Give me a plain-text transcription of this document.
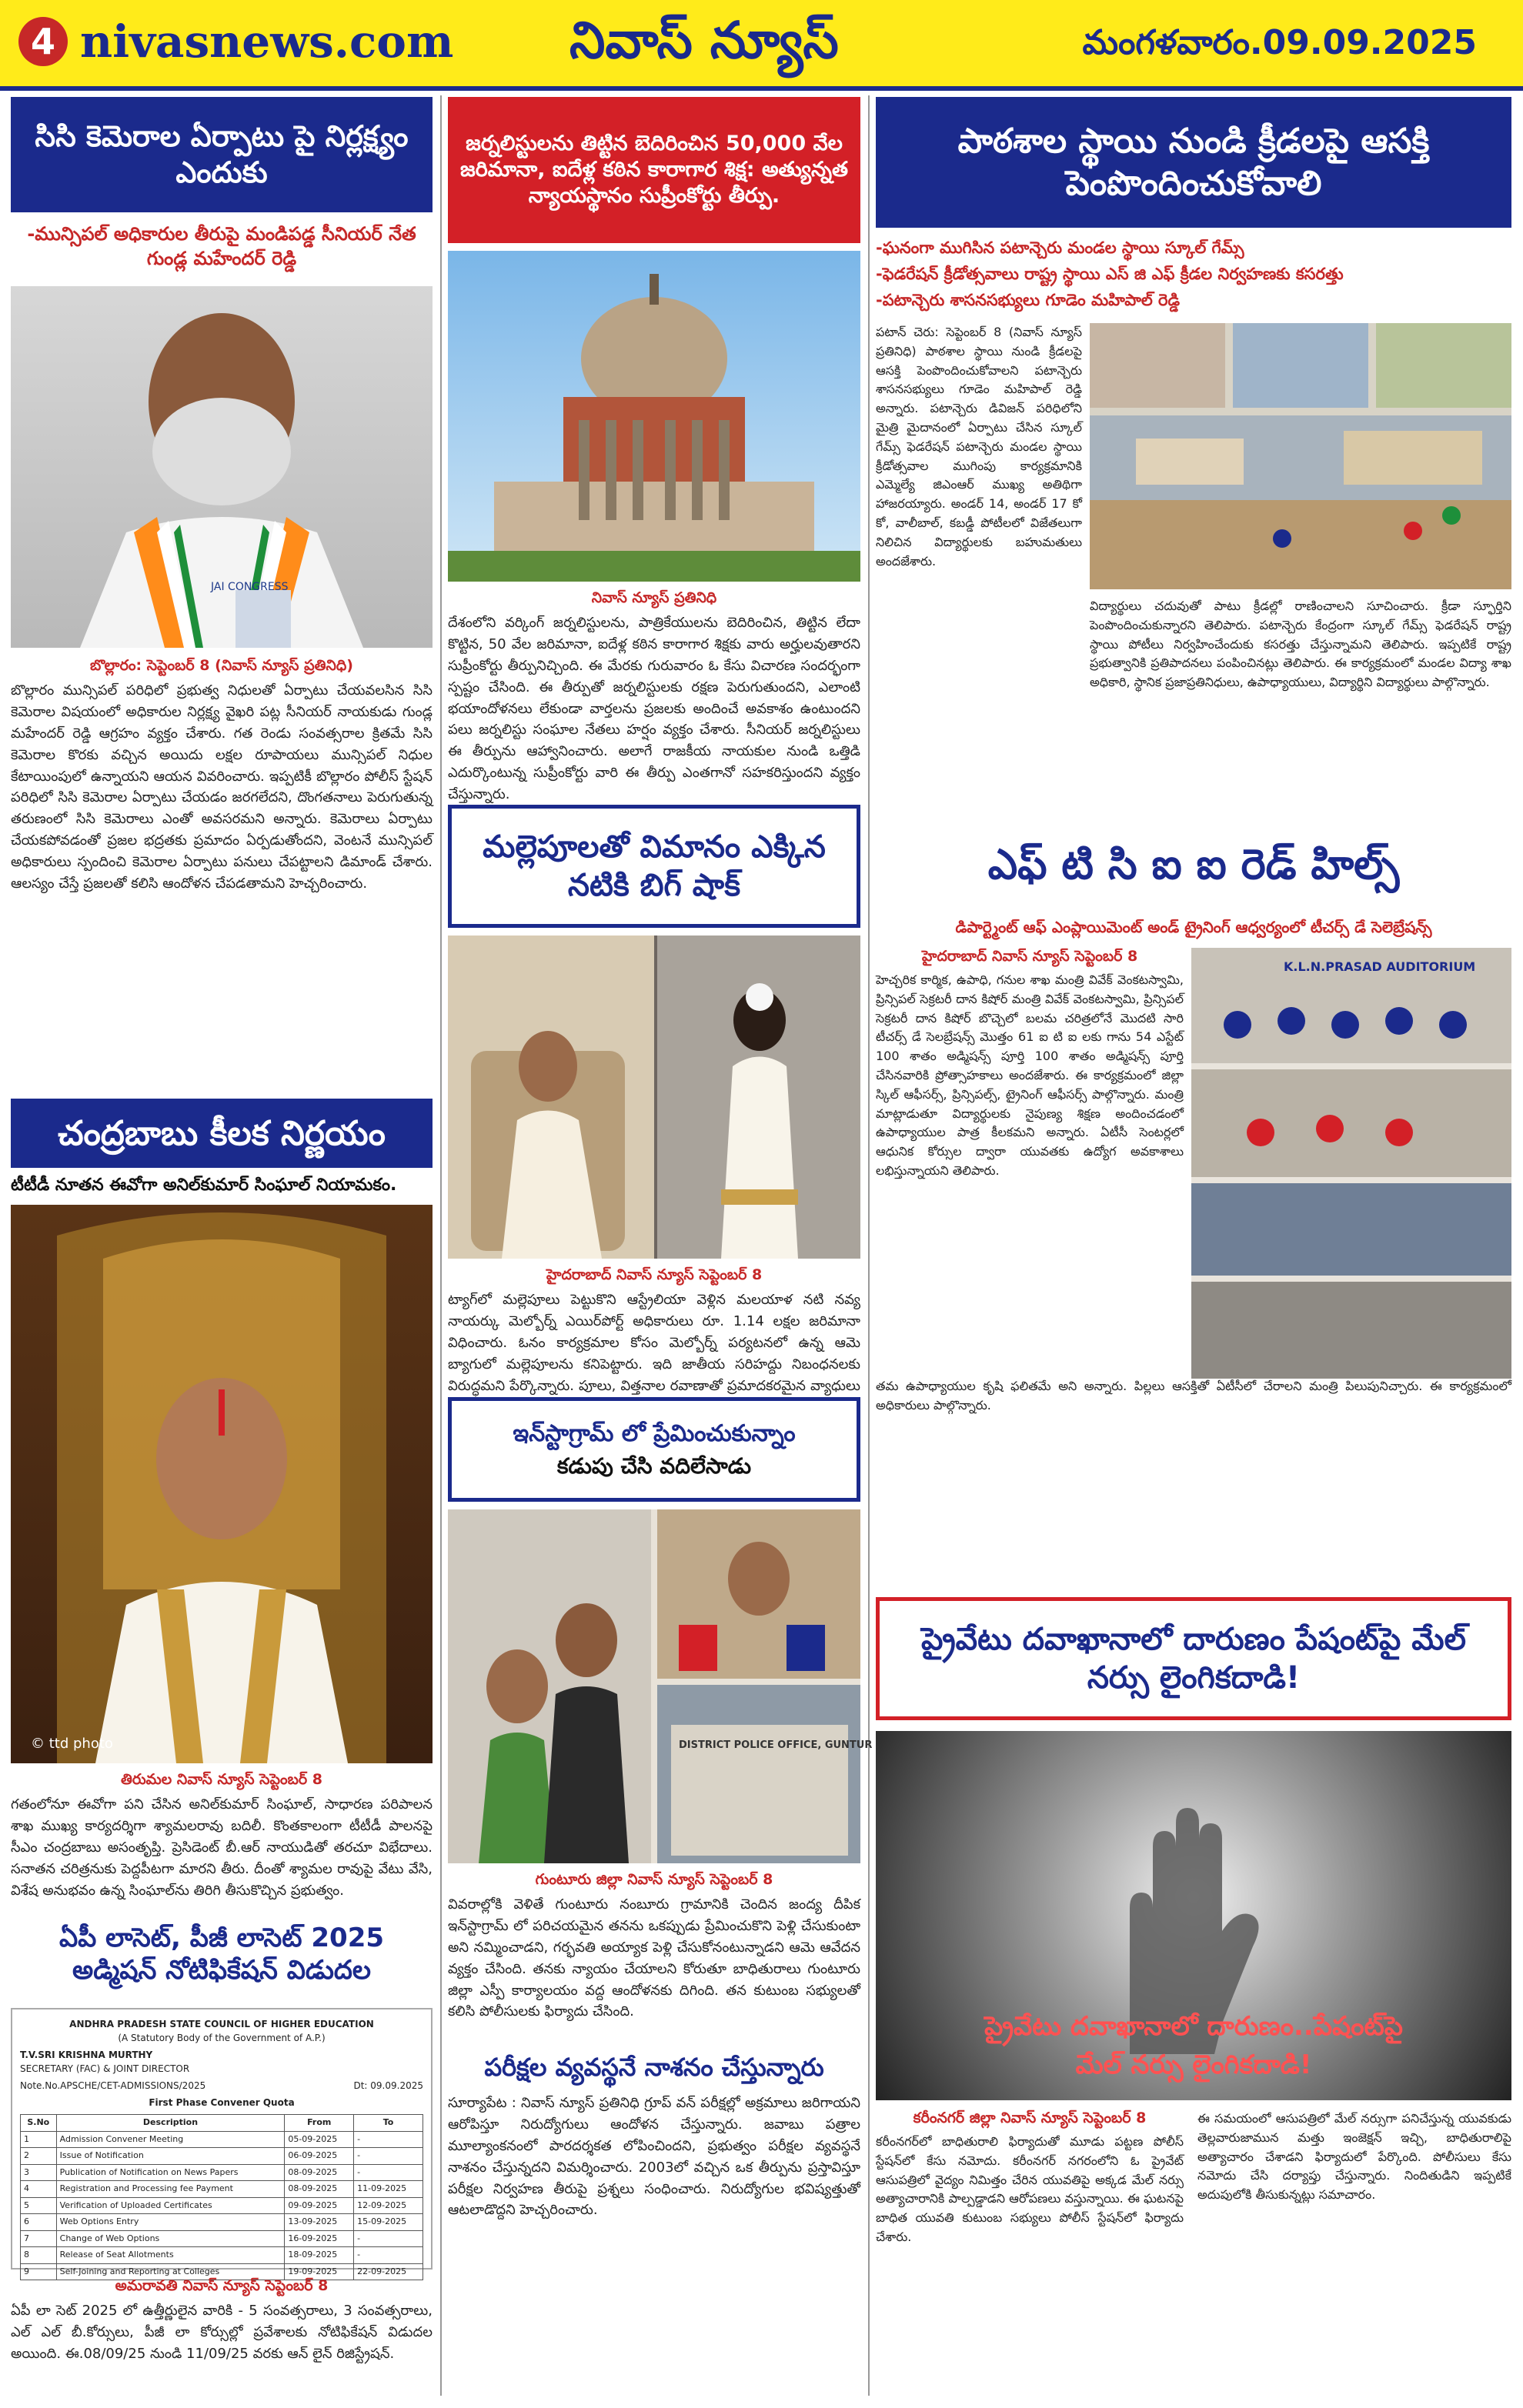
4 nivasnews.com నివాస్ న్యూస్	మంగళవారం.09.09.2025
సిసి కెమెరాల ఏర్పాటు పై నిర్లక్ష్యం ఎందుకు
-మున్సిపల్ అధికారుల తీరుపై మండిపడ్డ సీనియర్ నేత గుండ్ల మహేందర్ రెడ్డి
JAI CONGRESS
బొల్లారం: సెప్టెంబర్ 8 (నివాస్ న్యూస్ ప్రతినిధి)
బొల్లారం మున్సిపల్ పరిధిలో ప్రభుత్వ నిధులతో ఏర్పాటు చేయవలసిన సిసి కెమెరాల విషయంలో అధికారుల నిర్లక్ష్య వైఖరి పట్ల సీనియర్ నాయకుడు గుండ్ల మహేందర్ రెడ్డి ఆగ్రహం వ్యక్తం చేశారు. గత రెండు సంవత్సరాల క్రితమే సిసి కెమెరాల కొరకు వచ్చిన అయిదు లక్షల రూపాయలు మున్సిపల్ నిధుల కేటాయింపులో ఉన్నాయని ఆయన వివరించారు. ఇప్పటికీ బొల్లారం పోలీస్ స్టేషన్ పరిధిలో సిసి కెమెరాల ఏర్పాటు చేయడం జరగలేదని, దొంగతనాలు పెరుగుతున్న తరుణంలో సిసి కెమెరాలు ఎంతో అవసరమని అన్నారు. కెమెరాలు ఏర్పాటు చేయకపోవడంతో ప్రజల భద్రతకు ప్రమాదం ఏర్పడుతోందని, వెంటనే మున్సిపల్ అధికారులు స్పందించి కెమెరాల ఏర్పాటు పనులు చేపట్టాలని డిమాండ్ చేశారు. ఆలస్యం చేస్తే ప్రజలతో కలిసి ఆందోళన చేపడతామని హెచ్చరించారు.
చంద్రబాబు కీలక నిర్ణయం
టీటీడీ నూతన ఈవోగా అనిల్‌కుమార్ సింఘాల్ నియామకం.
© ttd photo
తిరుమల నివాస్ న్యూస్ సెప్టెంబర్ 8
గతంలోనూ ఈవోగా పని చేసిన అనిల్‌కుమార్ సింఘాల్, సాధారణ పరిపాలన శాఖ ముఖ్య కార్యదర్శిగా శ్యామలరావు బదిలీ. కొంతకాలంగా టీటీడీ పాలనపై సీఎం చంద్రబాబు అసంతృప్తి. ప్రెసిడెంట్ బీ.ఆర్ నాయుడితో తరచూ విభేదాలు. సనాతన చరిత్రనుకు పెద్దపీటగా మారని తీరు. దీంతో శ్యామల రావుపై వేటు వేసి, విశేష అనుభవం ఉన్న సింఘాల్‌ను తిరిగి తీసుకొచ్చిన ప్రభుత్వం.
ఏపీ లాసెట్, పీజీ లాసెట్ 2025 అడ్మిషన్ నోటిఫికేషన్ విడుదల
ANDHRA PRADESH STATE COUNCIL OF HIGHER EDUCATION
(A Statutory Body of the Government of A.P.)
T.V.SRI KRISHNA MURTHY
SECRETARY (FAC) & JOINT DIRECTOR
Note.No.APSCHE/CET-ADMISSIONS/2025	Dt: 09.09.2025
First Phase Convener Quota
S.No	Description	From	To
1	Admission Convener Meeting	05-09-2025	-
2	Issue of Notification	06-09-2025	-
3	Publication of Notification on News Papers	08-09-2025	-
4	Registration and Processing fee Payment	08-09-2025	11-09-2025
5	Verification of Uploaded Certificates	09-09-2025	12-09-2025
6	Web Options Entry	13-09-2025	15-09-2025
7	Change of Web Options	16-09-2025	-
8	Release of Seat Allotments	18-09-2025	-
9	Self-Joining and Reporting at Colleges	19-09-2025	22-09-2025
అమరావతి నివాస్ న్యూస్ సెప్టెంబర్ 8
ఏపీ లా సెట్ 2025 లో ఉత్తీర్ణులైన వారికి - 5 సంవత్సరాలు, 3 సంవత్సరాలు, ఎల్ ఎల్ బీ.కోర్సులు, పీజీ లా కోర్సుల్లో ప్రవేశాలకు నోటిఫికేషన్ విడుదల అయింది. ఈ.08/09/25 నుండి 11/09/25 వరకు ఆన్ లైన్ రిజిస్ట్రేషన్.
జర్నలిస్టులను తిట్టిన బెదిరించిన 50,000 వేల జరిమానా, ఐదేళ్ల కఠిన కారాగార శిక్ష: అత్యున్నత న్యాయస్థానం సుప్రీంకోర్టు తీర్పు.
నివాస్ న్యూస్ ప్రతినిధి
దేశంలోని వర్కింగ్ జర్నలిస్టులను, పాత్రికేయులను బెదిరించిన, తిట్టిన లేదా కొట్టిన, 50 వేల జరిమానా, ఐదేళ్ల కఠిన కారాగార శిక్షకు వారు అర్హులవుతారని సుప్రీంకోర్టు తీర్పునిచ్చింది. ఈ మేరకు గురువారం ఓ కేసు విచారణ సందర్భంగా స్పష్టం చేసింది. ఈ తీర్పుతో జర్నలిస్టులకు రక్షణ పెరుగుతుందని, ఎలాంటి భయాందోళనలు లేకుండా వార్తలను ప్రజలకు అందించే అవకాశం ఉంటుందని పలు జర్నలిస్టు సంఘాల నేతలు హర్షం వ్యక్తం చేశారు. సీనియర్ జర్నలిస్టులు ఈ తీర్పును ఆహ్వానించారు. అలాగే రాజకీయ నాయకుల నుండి ఒత్తిడి ఎదుర్కొంటున్న సుప్రీంకోర్టు వారి ఈ తీర్పు ఎంతగానో సహకరిస్తుందని వ్యక్తం చేస్తున్నారు.
మల్లెపూలతో విమానం ఎక్కిన నటికి బిగ్ షాక్
హైదరాబాద్ నివాస్ న్యూస్ సెప్టెంబర్ 8
ట్యాగ్‌లో మల్లెపూలు పెట్టుకొని ఆస్ట్రేలియా వెళ్లిన మలయాళ నటి నవ్య నాయర్కు మెల్బోర్న్ ఎయిర్‌పోర్ట్ అధికారులు రూ. 1.14 లక్షల జరిమానా విధించారు. ఓనం కార్యక్రమాల కోసం మెల్బోర్న్ పర్యటనలో ఉన్న ఆమె బ్యాగులో మల్లెపూలను కనిపెట్టారు. ఇది జాతీయ సరిహద్దు నిబంధనలకు విరుద్ధమని పేర్కొన్నారు. పూలు, విత్తనాల రవాణాతో ప్రమాదకరమైన వ్యాధులు
ఇన్‌స్టాగ్రామ్ లో ప్రేమించుకున్నాం
కడుపు చేసి వదిలేసాడు
DISTRICT POLICE OFFICE, GUNTUR
గుంటూరు జిల్లా నివాస్ న్యూస్ సెప్టెంబర్ 8
వివరాల్లోకి వెళితే గుంటూరు నంబూరు గ్రామానికి చెందిన జంద్య దీపిక ఇన్‌స్టాగ్రామ్ లో పరిచయమైన తనను ఒకప్పుడు ప్రేమించుకొని పెళ్లి చేసుకుంటా అని నమ్మించాడని, గర్భవతి అయ్యాక పెళ్లి చేసుకోనంటున్నాడని ఆమె ఆవేదన వ్యక్తం చేసింది. తనకు న్యాయం చేయాలని కోరుతూ బాధితురాలు గుంటూరు జిల్లా ఎస్పీ కార్యాలయం వద్ద ఆందోళనకు దిగింది. తన కుటుంబ సభ్యులతో కలిసి పోలీసులకు ఫిర్యాదు చేసింది.
పరీక్షల వ్యవస్థనే నాశనం చేస్తున్నారు
సూర్యాపేట : నివాస్ న్యూస్ ప్రతినిధి గ్రూప్ వన్ పరీక్షల్లో అక్రమాలు జరిగాయని ఆరోపిస్తూ నిరుద్యోగులు ఆందోళన చేస్తున్నారు. జవాబు పత్రాల మూల్యాంకనంలో పారదర్శకత లోపించిందని, ప్రభుత్వం పరీక్షల వ్యవస్థనే నాశనం చేస్తున్నదని విమర్శించారు. 2003లో వచ్చిన ఒక తీర్పును ప్రస్తావిస్తూ పరీక్షల నిర్వహణ తీరుపై ప్రశ్నలు సంధించారు. నిరుద్యోగుల భవిష్యత్తుతో ఆటలాడొద్దని హెచ్చరించారు.
పాఠశాల స్థాయి నుండి క్రీడలపై ఆసక్తి పెంపొందించుకోవాలి
-ఘనంగా ముగిసిన పటాన్చెరు మండల స్థాయి స్కూల్ గేమ్స్
-ఫెడరేషన్ క్రీడోత్సవాలు రాష్ట్ర స్థాయి ఎస్ జి ఎఫ్ క్రీడల నిర్వహణకు కసరత్తు
-పటాన్చెరు శాసనసభ్యులు గూడెం మహిపాల్ రెడ్డి
పటాన్ చెరు: సెప్టెంబర్ 8 (నివాస్ న్యూస్ ప్రతినిధి) పాఠశాల స్థాయి నుండి క్రీడలపై ఆసక్తి పెంపొందించుకోవాలని పటాన్చెరు శాసనసభ్యులు గూడెం మహిపాల్ రెడ్డి అన్నారు. పటాన్చెరు డివిజన్ పరిధిలోని మైత్రి మైదానంలో ఏర్పాటు చేసిన స్కూల్ గేమ్స్ ఫెడరేషన్ పటాన్చెరు మండల స్థాయి క్రీడోత్సవాల ముగింపు కార్యక్రమానికి ఎమ్మెల్యే జిఎంఆర్ ముఖ్య అతిథిగా హాజరయ్యారు. అండర్ 14, అండర్ 17 కో కో, వాలీబాల్, కబడ్డీ పోటీలలో విజేతలుగా నిలిచిన విద్యార్థులకు బహుమతులు అందజేశారు.
విద్యార్థులు చదువుతో పాటు క్రీడల్లో రాణించాలని సూచించారు. క్రీడా స్ఫూర్తిని పెంపొందించుకున్నారని తెలిపారు. పటాన్చెరు కేంద్రంగా స్కూల్ గేమ్స్ ఫెడరేషన్ రాష్ట్ర స్థాయి పోటీలు నిర్వహించేందుకు కసరత్తు చేస్తున్నామని తెలిపారు. ఇప్పటికే రాష్ట్ర ప్రభుత్వానికి ప్రతిపాదనలు పంపించినట్లు తెలిపారు. ఈ కార్యక్రమంలో మండల విద్యా శాఖ అధికారి, స్థానిక ప్రజాప్రతినిధులు, ఉపాధ్యాయులు, విద్యార్థిని విద్యార్థులు పాల్గొన్నారు.
ఎఫ్ టి సి ఐ ఐ రెడ్ హిల్స్
డిపార్ట్మెంట్ ఆఫ్ ఎంప్లాయిమెంట్ అండ్ ట్రైనింగ్ ఆధ్వర్యంలో టీచర్స్ డే సెలెబ్రేషన్స్
హైదరాబాద్ నివాస్ న్యూస్ సెప్టెంబర్ 8
హెచ్చరిక కార్మిక, ఉపాధి, గనుల శాఖ మంత్రి వివేక్ వెంకటస్వామి, ప్రిన్సిపల్ సెక్రటరీ దాన కిషోర్ మంత్రి వివేక్ వెంకటస్వామి, ప్రిన్సిపల్ సెక్రటరీ దాన కిషోర్ బొచ్చెలో బలమ చరిత్రలోనే మొదటి సారి టీచర్స్ డే సెలబ్రేషన్స్ మొత్తం 61 ఐ టి ఐ లకు గాను 54 ఎస్టేట్ 100 శాతం అడ్మిషన్స్ పూర్తి 100 శాతం అడ్మిషన్స్ పూర్తి చేసినవారికి ప్రోత్సాహకాలు అందజేశారు. ఈ కార్యక్రమంలో జిల్లా స్కిల్ ఆఫీసర్స్, ప్రిన్సిపల్స్, ట్రైనింగ్ ఆఫీసర్స్ పాల్గొన్నారు. మంత్రి మాట్లాడుతూ విద్యార్థులకు నైపుణ్య శిక్షణ అందించడంలో ఉపాధ్యాయుల పాత్ర కీలకమని అన్నారు. ఏటీసీ సెంటర్లలో ఆధునిక కోర్సుల ద్వారా యువతకు ఉద్యోగ అవకాశాలు లభిస్తున్నాయని తెలిపారు.
K.L.N.PRASAD AUDITORIUM
తమ ఉపాధ్యాయుల కృషి ఫలితమే అని అన్నారు. పిల్లలు ఆసక్తితో ఏటీసీలో చేరాలని మంత్రి పిలుపునిచ్చారు. ఈ కార్యక్రమంలో అధికారులు పాల్గొన్నారు.
ప్రైవేటు దవాఖానాలో దారుణం పేషంట్‌పై మేల్ నర్సు లైంగికదాడి!
ప్రైవేటు దవాఖానాలో దారుణం..పేషంట్‌పై
మేల్ నర్సు లైంగికదాడి!
కరీంనగర్ జిల్లా నివాస్ న్యూస్ సెప్టెంబర్ 8
కరీంనగర్‌లో బాధితురాలి ఫిర్యాదుతో మూడు పట్టణ పోలీస్ స్టేషన్‌లో కేసు నమోదు. కరీంనగర్ నగరంలోని ఓ ప్రైవేట్ ఆసుపత్రిలో వైద్యం నిమిత్తం చేరిన యువతిపై అక్కడ మేల్ నర్సు అత్యాచారానికి పాల్పడ్డాడని ఆరోపణలు వస్తున్నాయి. ఈ ఘటనపై బాధిత యువతి కుటుంబ సభ్యులు పోలీస్ స్టేషన్‌లో ఫిర్యాదు చేశారు.
ఈ సమయంలో ఆసుపత్రిలో మేల్ నర్సుగా పనిచేస్తున్న యువకుడు తెల్లవారుజామున మత్తు ఇంజెక్షన్ ఇచ్చి, బాధితురాలిపై అత్యాచారం చేశాడని ఫిర్యాదులో పేర్కొంది. పోలీసులు కేసు నమోదు చేసి దర్యాప్తు చేస్తున్నారు. నిందితుడిని ఇప్పటికే అదుపులోకి తీసుకున్నట్లు సమాచారం.
